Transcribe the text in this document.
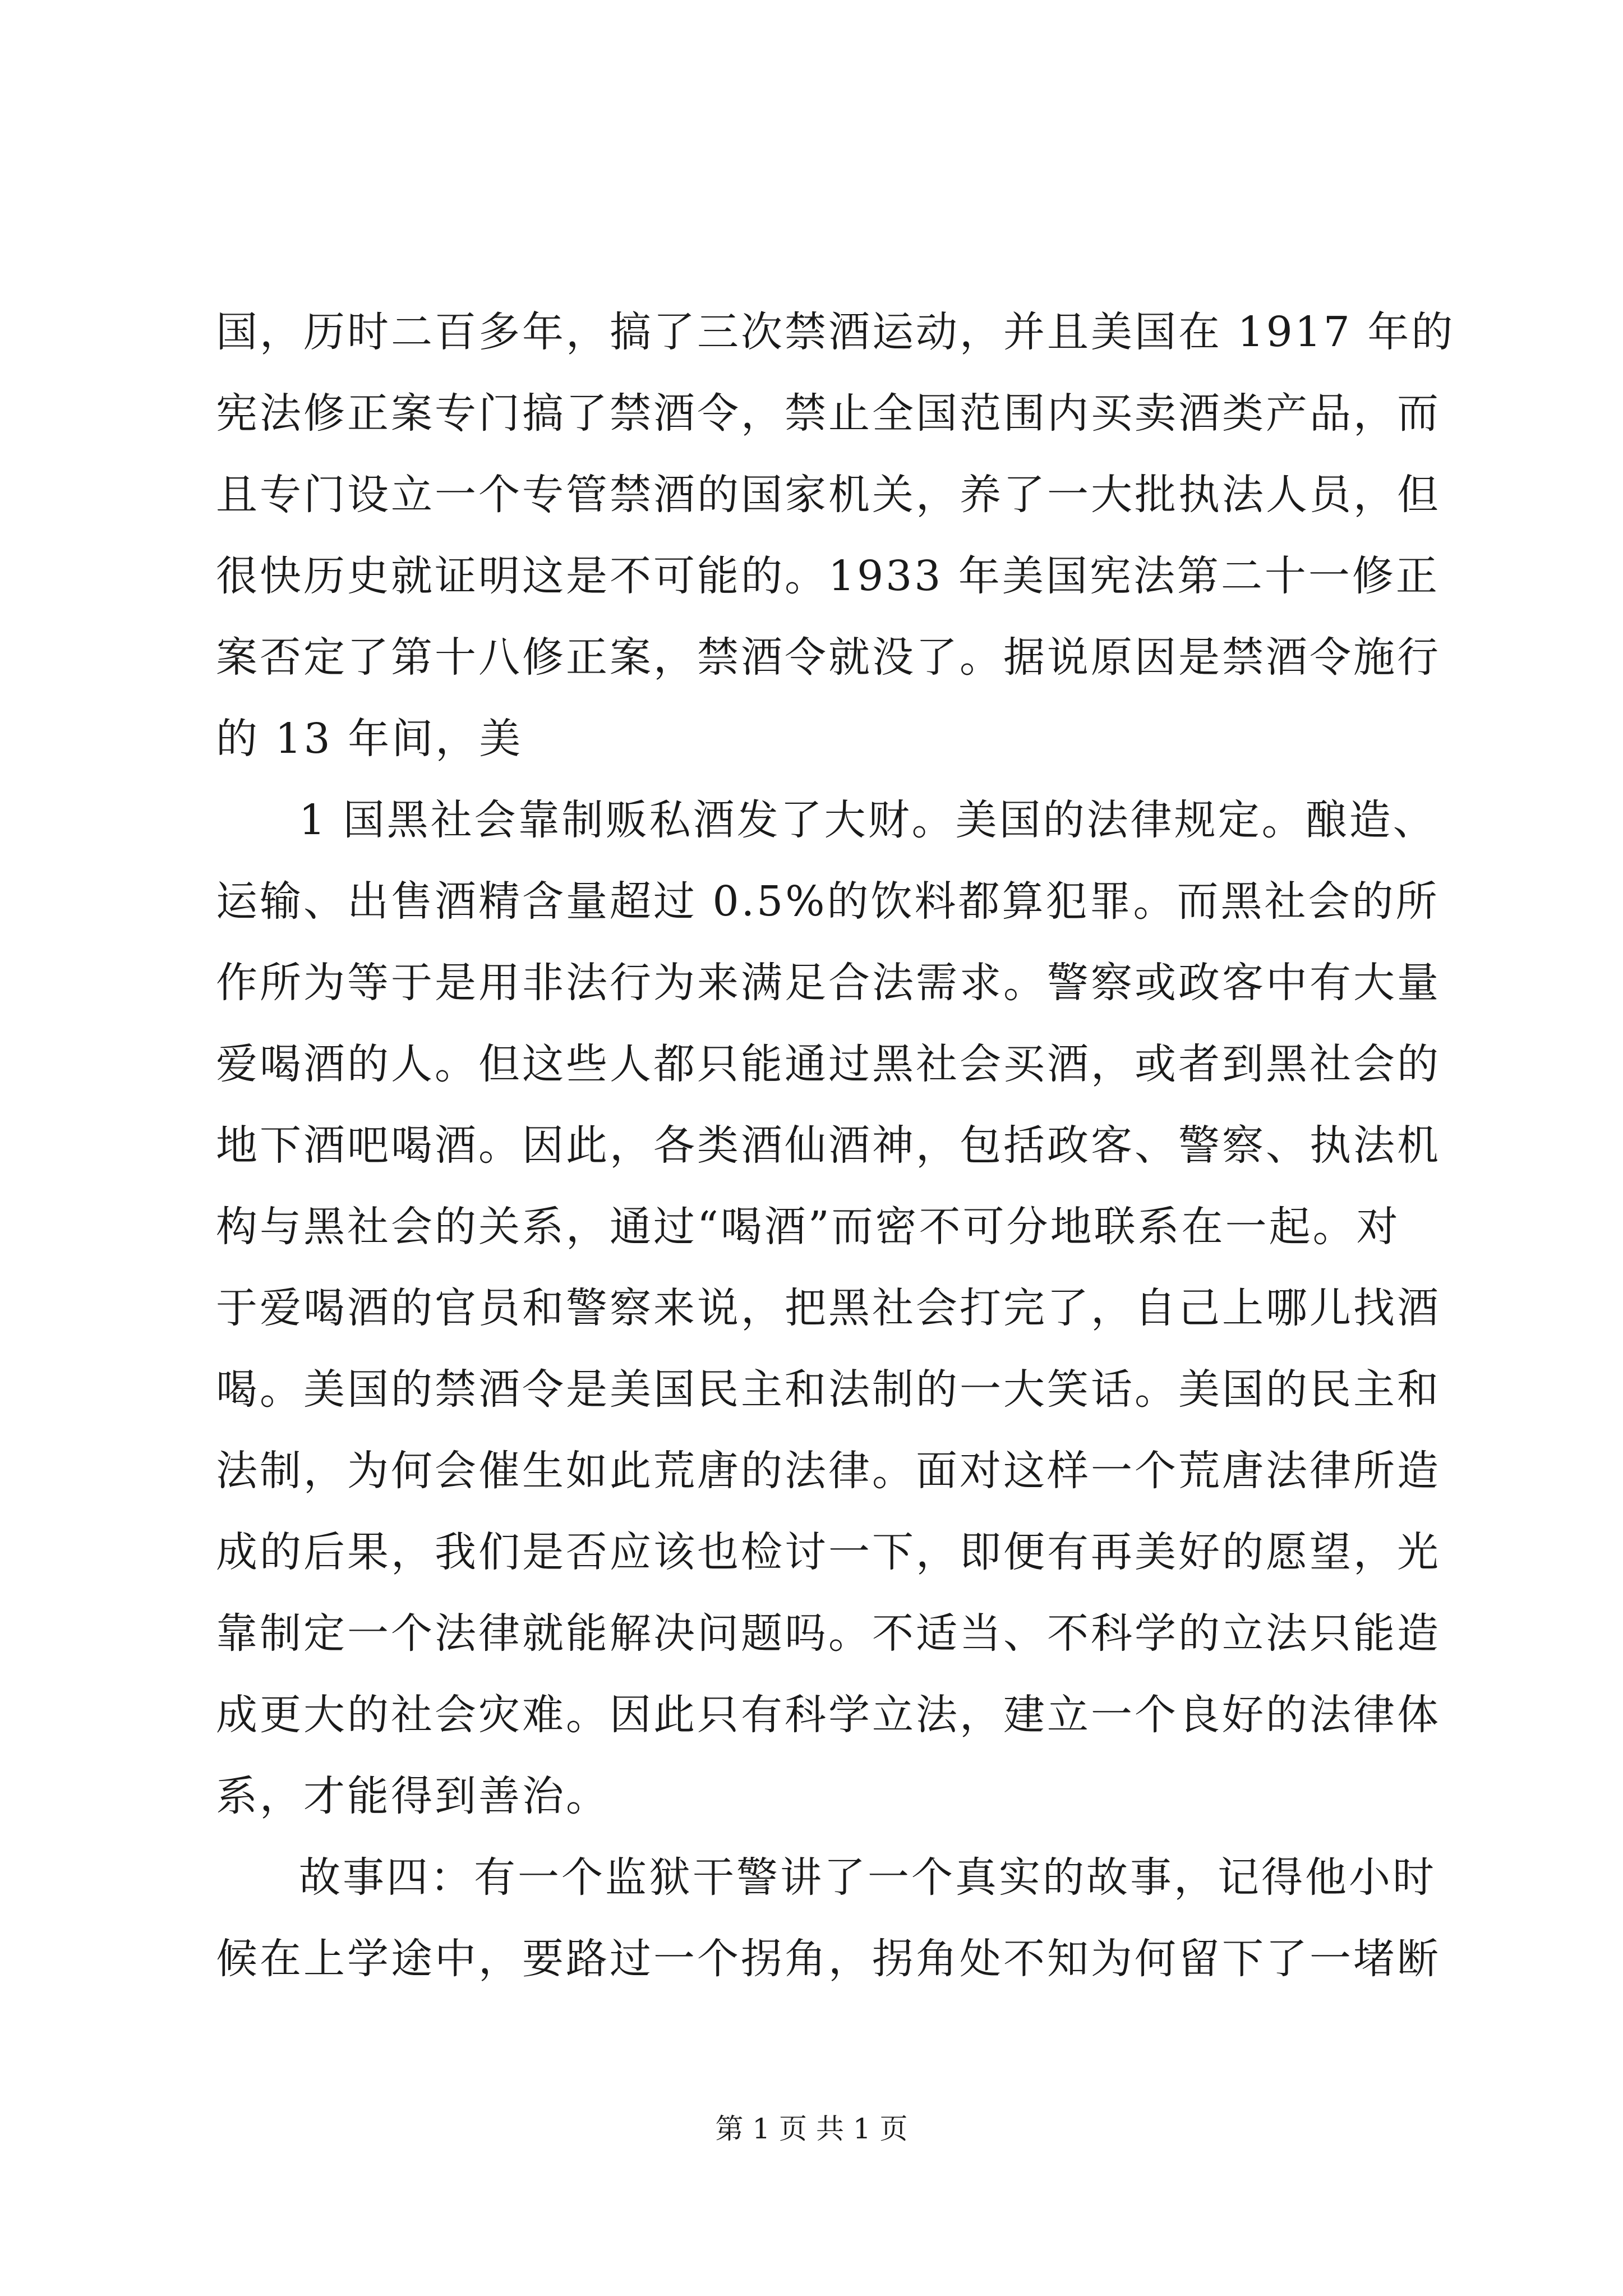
国，历时二百多年，搞了三次禁酒运动，并且美国在 1917 年的
宪法修正案专门搞了禁酒令，禁止全国范围内买卖酒类产品，而
且专门设立一个专管禁酒的国家机关，养了一大批执法人员，但
很快历史就证明这是不可能的。1933 年美国宪法第二十一修正
案否定了第十八修正案，禁酒令就没了。据说原因是禁酒令施行
的 13 年间，美

1 国黑社会靠制贩私酒发了大财。美国的法律规定。酿造、
运输、出售酒精含量超过 0.5%的饮料都算犯罪。而黑社会的所
作所为等于是用非法行为来满足合法需求。警察或政客中有大量
爱喝酒的人。但这些人都只能通过黑社会买酒，或者到黑社会的
地下酒吧喝酒。因此，各类酒仙酒神，包括政客、警察、执法机
构与黑社会的关系，通过“喝酒”而密不可分地联系在一起。对
于爱喝酒的官员和警察来说，把黑社会打完了，自己上哪儿找酒
喝。美国的禁酒令是美国民主和法制的一大笑话。美国的民主和
法制，为何会催生如此荒唐的法律。面对这样一个荒唐法律所造
成的后果，我们是否应该也检讨一下，即便有再美好的愿望，光
靠制定一个法律就能解决问题吗。不适当、不科学的立法只能造
成更大的社会灾难。因此只有科学立法，建立一个良好的法律体
系，才能得到善治。

故事四：有一个监狱干警讲了一个真实的故事，记得他小时
候在上学途中，要路过一个拐角，拐角处不知为何留下了一堵断

第 1 页 共 1 页
